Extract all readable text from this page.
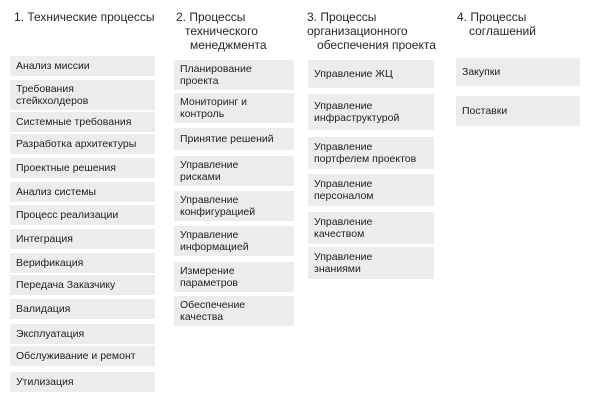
1. Технические процессы
Анализ миссии
Требования
стейкхолдеров
Системные требования
Разработка архитектуры
Проектные решения
Анализ системы
Процесс реализации
Интеграция
Верификация
Передача Заказчику
Валидация
Эксплуатация
Обслуживание и ремонт
Утилизация
2. Процессы
технического
менеджмента
Планирование
проекта
Мониторинг и
контроль
Принятие решений
Управление
рисками
Управление
конфигурацией
Управление
информацией
Измерение
параметров
Обеспечение
качества
3. Процессы
организационного
обеспечения проекта
Управление ЖЦ
Управление
инфраструктурой
Управление
портфелем проектов
Управление
персоналом
Управление
качеством
Управление
знаниями
4. Процессы
соглашений
Закупки
Поставки
